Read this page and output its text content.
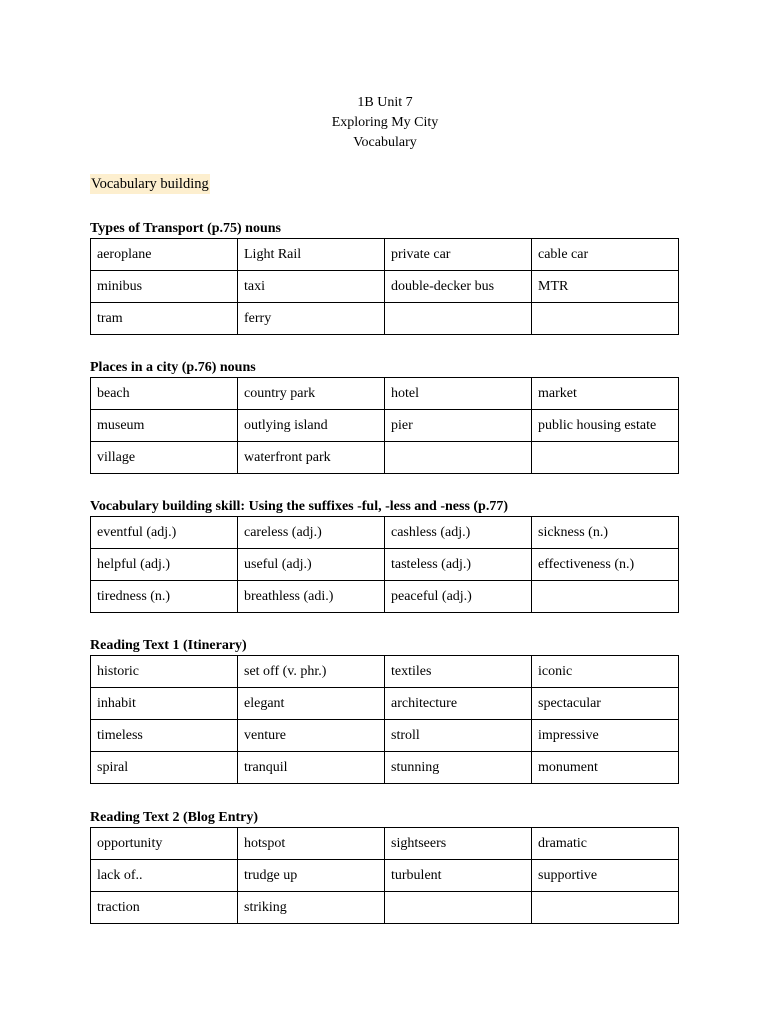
1B Unit 7
Exploring My City
Vocabulary
Vocabulary building
Types of Transport (p.75) nouns
aeroplane	Light Rail	private car	cable car
minibus	taxi	double-decker bus	MTR
tram	ferry		
Places in a city (p.76) nouns
beach	country park	hotel	market
museum	outlying island	pier	public housing estate
village	waterfront park		
Vocabulary building skill: Using the suffixes -ful, -less and -ness (p.77)
eventful (adj.)	careless (adj.)	cashless (adj.)	sickness (n.)
helpful (adj.)	useful (adj.)	tasteless (adj.)	effectiveness (n.)
tiredness (n.)	breathless (adi.)	peaceful (adj.)	
Reading Text 1 (Itinerary)
historic	set off (v. phr.)	textiles	iconic
inhabit	elegant	architecture	spectacular
timeless	venture	stroll	impressive
spiral	tranquil	stunning	monument
Reading Text 2 (Blog Entry)
opportunity	hotspot	sightseers	dramatic
lack of..	trudge up	turbulent	supportive
traction	striking		
